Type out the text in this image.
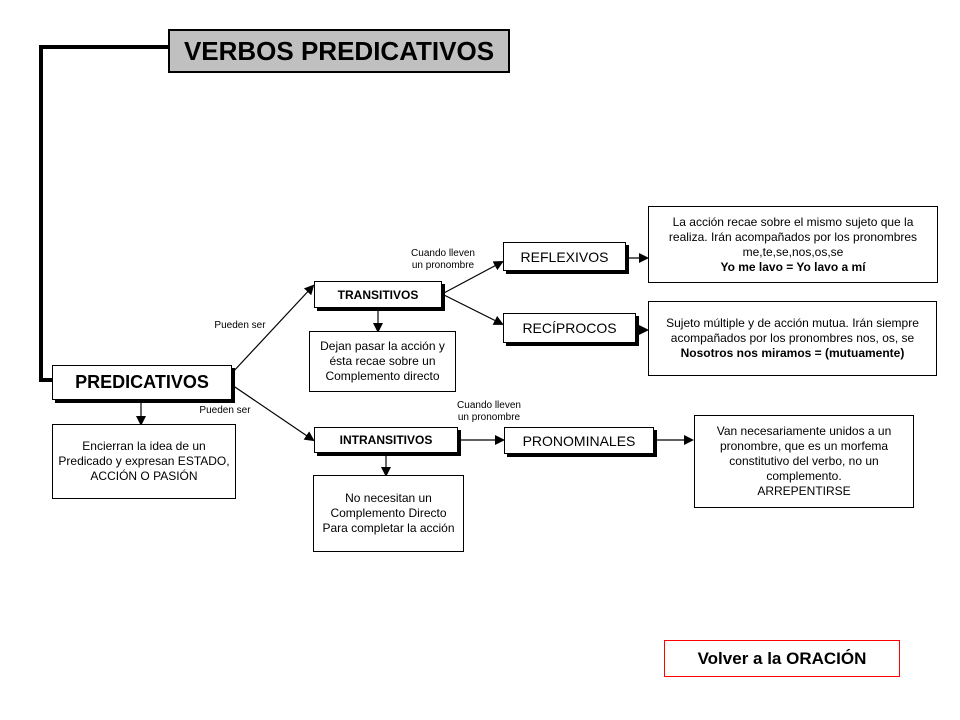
VERBOS PREDICATIVOS
PREDICATIVOS
Encierran la idea de un Predicado y expresan ESTADO, ACCIÓN O PASIÓN
TRANSITIVOS
Dejan pasar la acción y ésta recae sobre un Complemento directo
INTRANSITIVOS
No necesitan un Complemento Directo Para completar la acción
REFLEXIVOS
La acción recae sobre el mismo sujeto que la realiza. Irán acompañados por los pronombres me,te,se,nos,os,se
Yo me lavo = Yo lavo a mí
RECÍPROCOS	Sujeto múltiple y de acción mutua. Irán siempre acompañados por los pronombres nos, os, se
Nosotros nos miramos = (mutuamente)
PRONOMINALES
Van necesariamente unidos a un pronombre, que es un morfema constitutivo del verbo, no un complemento.
ARREPENTIRSE
Pueden ser
Pueden ser
Cuando lleven
un pronombre
Cuando lleven
un pronombre
Volver a la ORACIÓN
